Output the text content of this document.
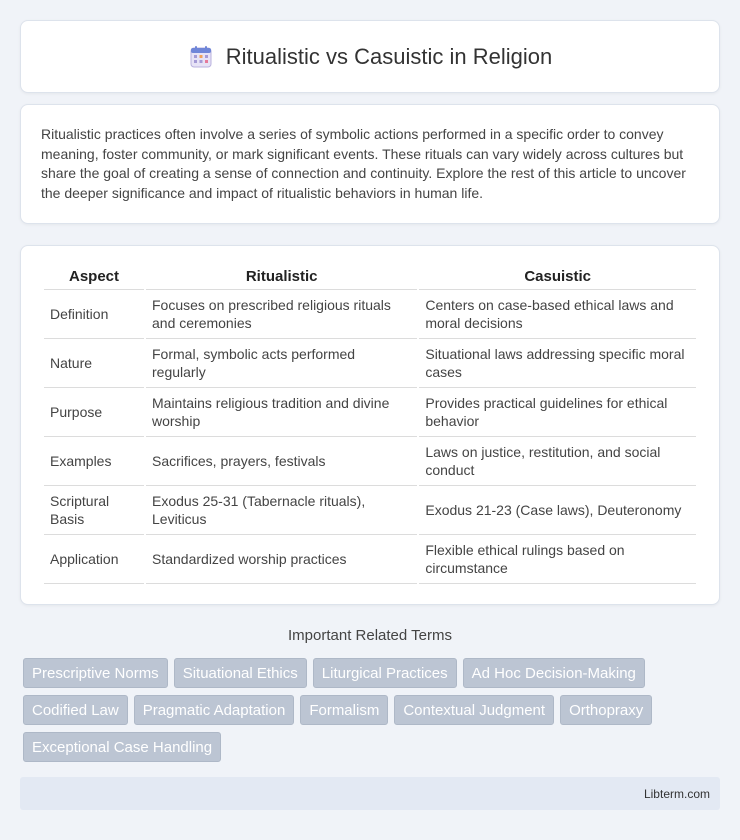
Ritualistic vs Casuistic in Religion

Ritualistic practices often involve a series of symbolic actions performed in a specific order to convey meaning, foster community, or mark significant events. These rituals can vary widely across cultures but share the goal of creating a sense of connection and continuity. Explore the rest of this article to uncover the deeper significance and impact of ritualistic behaviors in human life.

Aspect	Ritualistic	Casuistic
Definition	Focuses on prescribed religious rituals and ceremonies	Centers on case-based ethical laws and moral decisions
Nature	Formal, symbolic acts performed regularly	Situational laws addressing specific moral cases
Purpose	Maintains religious tradition and divine worship	Provides practical guidelines for ethical behavior
Examples	Sacrifices, prayers, festivals	Laws on justice, restitution, and social conduct
Scriptural Basis	Exodus 25-31 (Tabernacle rituals), Leviticus	Exodus 21-23 (Case laws), Deuteronomy
Application	Standardized worship practices	Flexible ethical rulings based on circumstance
Important Related Terms
Prescriptive Norms	Situational Ethics	Liturgical Practices	Ad Hoc Decision-Making
Codified Law	Pragmatic Adaptation	Formalism	Contextual Judgment	Orthopraxy
Exceptional Case Handling
Libterm.com
